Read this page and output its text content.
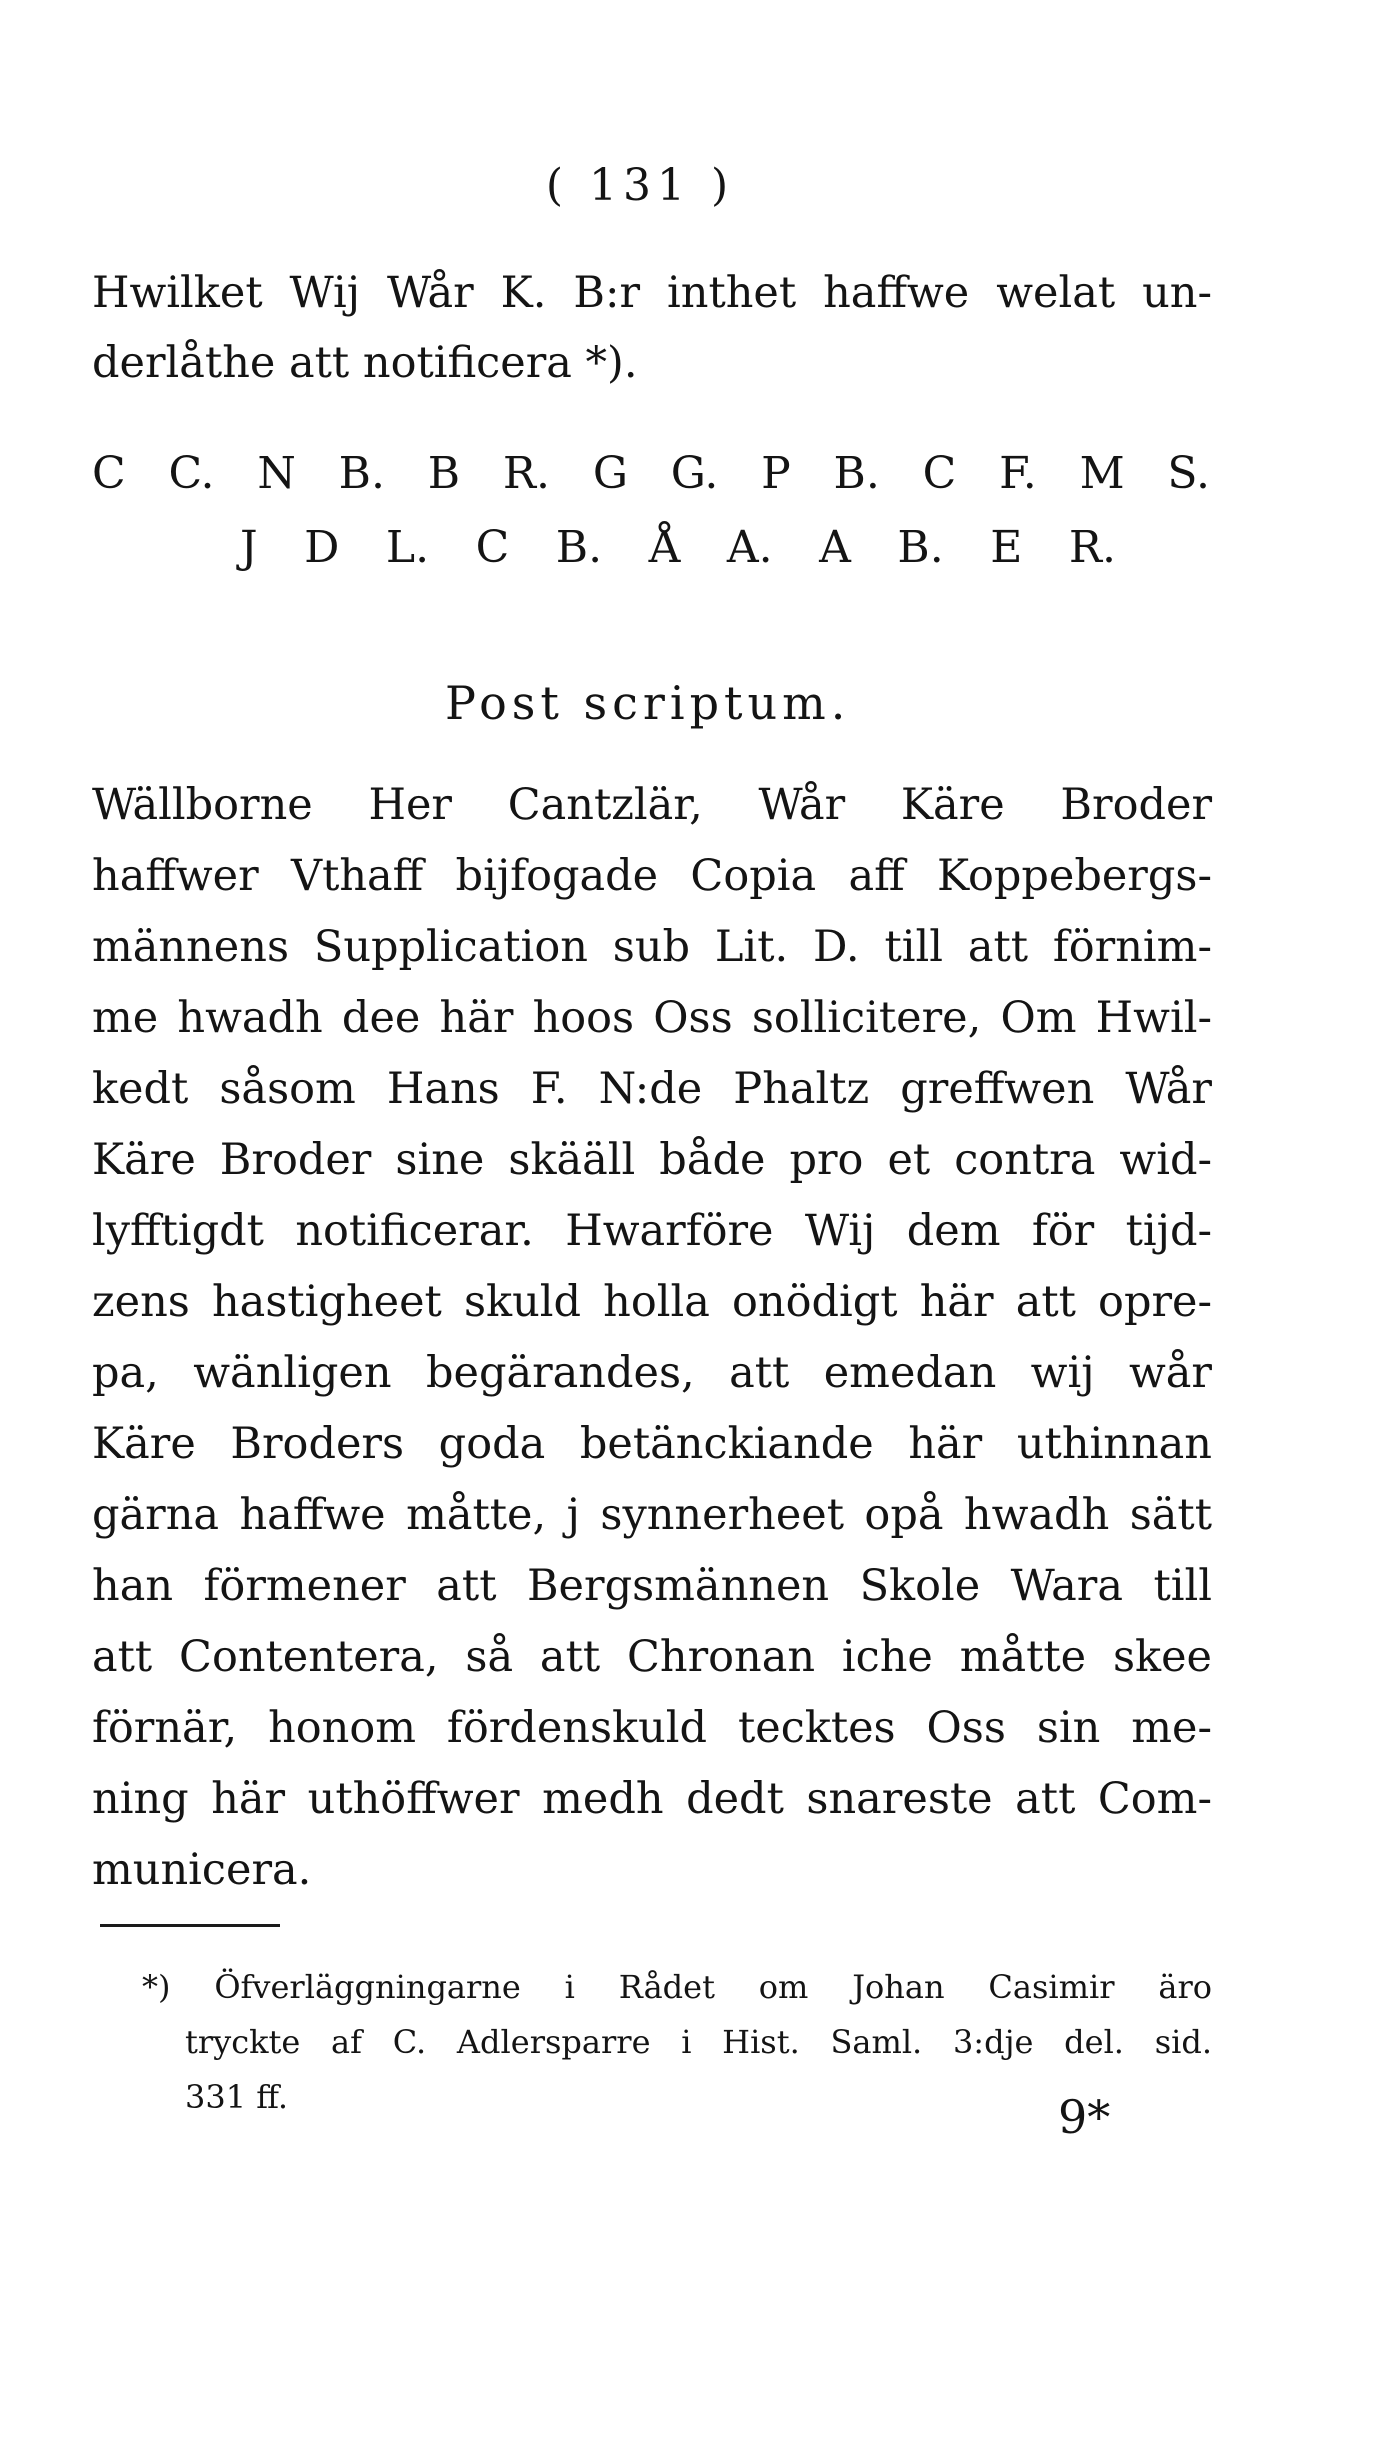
( 131 )
Hwilket Wij Wår K. B:r inthet haffwe welat un-
derlåthe att notificera *).
C C. N B. B R. G G. P B. C F. M S.
J D L. C B. Å A. A B. E R.
Post scriptum.
Wällborne Her Cantzlär, Wår Käre Broder
haffwer Vthaff bijfogade Copia aff Koppebergs-
männens Supplication sub Lit. D. till att förnim-
me hwadh dee här hoos Oss sollicitere, Om Hwil-
kedt såsom Hans F. N:de Phaltz greffwen Wår
Käre Broder sine skääll både pro et contra wid-
lyfftigdt notificerar. Hwarföre Wij dem för tijd-
zens hastigheet skuld holla onödigt här att opre-
pa, wänligen begärandes, att emedan wij wår
Käre Broders goda betänckiande här uthinnan
gärna haffwe måtte, j synnerheet opå hwadh sätt
han förmener att Bergsmännen Skole Wara till
att Contentera, så att Chronan iche måtte skee
förnär, honom fördenskuld tecktes Oss sin me-
ning här uthöffwer medh dedt snareste att Com-
municera.
*) Öfverläggningarne i Rådet om Johan Casimir äro
tryckte af C. Adlersparre i Hist. Saml. 3:dje del. sid.
331 ff.	9*
